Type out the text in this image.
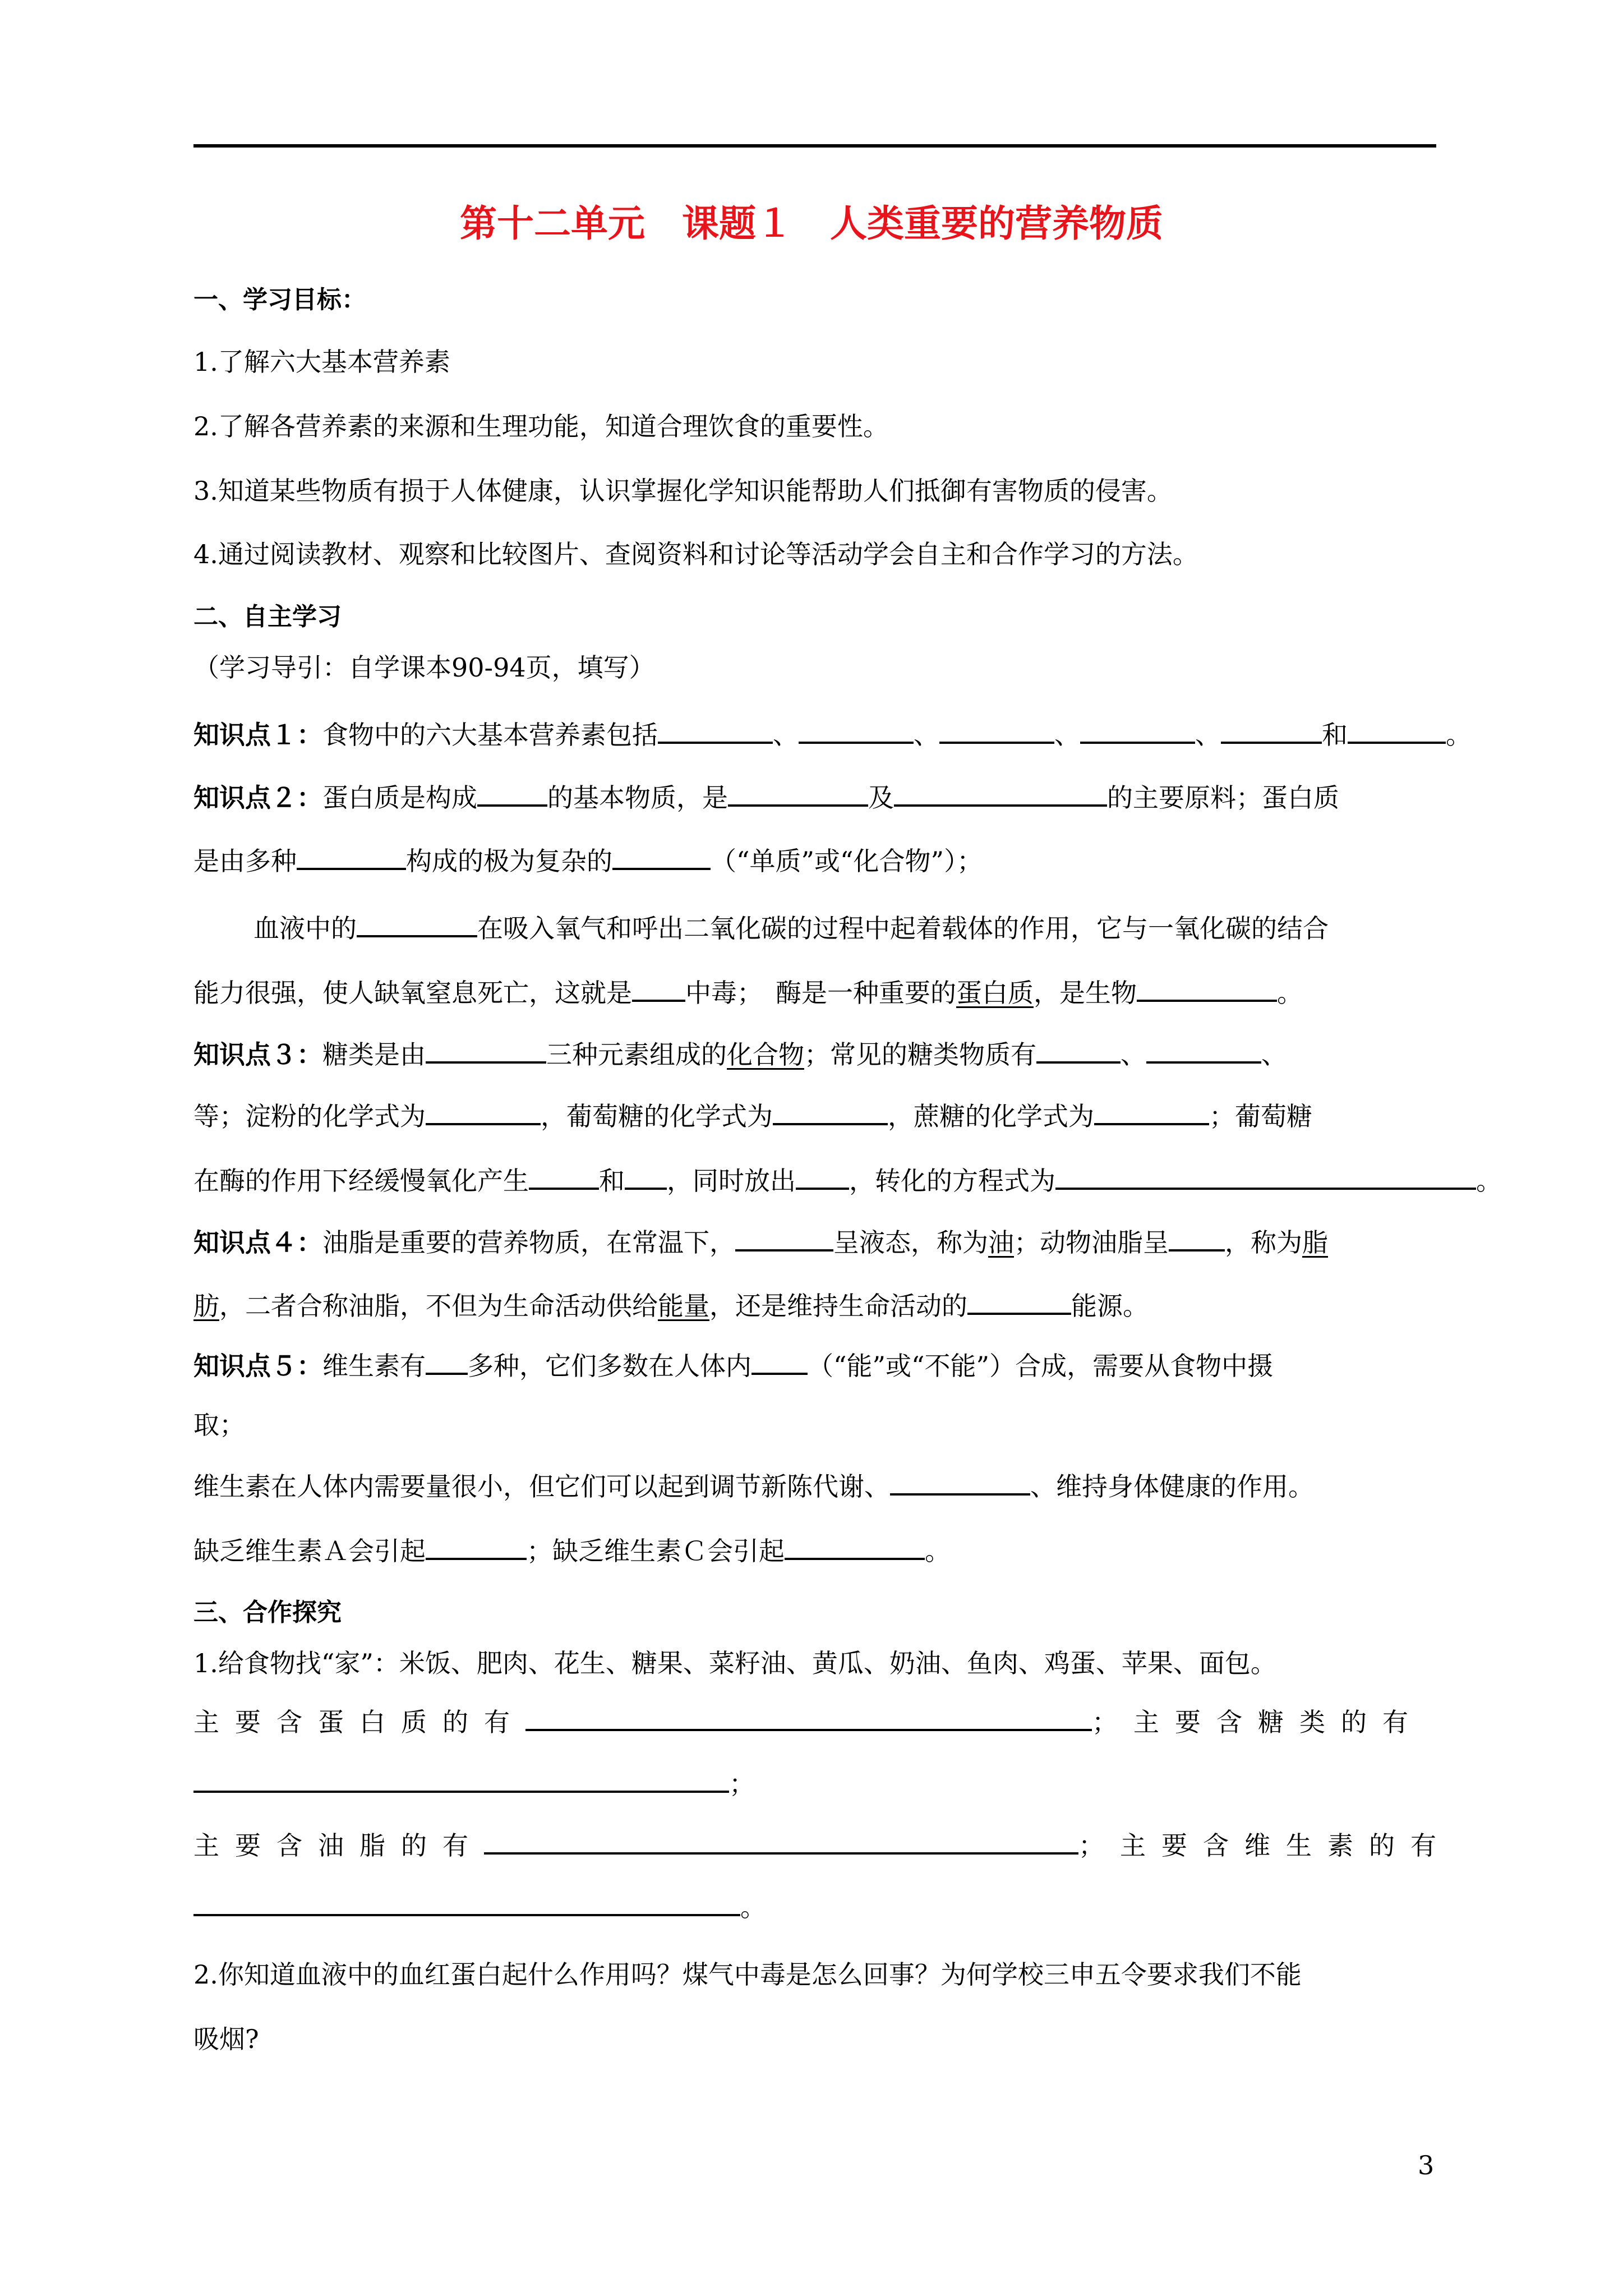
第十二单元　课题１　人类重要的营养物质
一、学习目标：
1.了解六大基本营养素
2.了解各营养素的来源和生理功能，知道合理饮食的重要性。
3.知道某些物质有损于人体健康，认识掌握化学知识能帮助人们抵御有害物质的侵害。
4.通过阅读教材、观察和比较图片、查阅资料和讨论等活动学会自主和合作学习的方法。
二、自主学习
（学习导引：自学课本90-94页，填写）
知识点１：食物中的六大基本营养素包括	、	、	、	、	和	。
知识点２：蛋白质是构成	的基本物质，是	及	的主要原料；蛋白质
是由多种	构成的极为复杂的	（“单质”或“化合物”）；
血液中的	在吸入氧气和呼出二氧化碳的过程中起着载体的作用，它与一氧化碳的结合
能力很强，使人缺氧窒息死亡，这就是 中毒；　酶是一种重要的蛋白质，是生物	。
知识点３：糖类是由	三种元素组成的化合物；常见的糖类物质有	、	、
等；淀粉的化学式为	，葡萄糖的化学式为	，蔗糖的化学式为	；葡萄糖
在酶的作用下经缓慢氧化产生	和 ，同时放出 ，转化的方程式为	。
知识点４：油脂是重要的营养物质，在常温下，	呈液态，称为油；动物油脂呈 ，称为脂
肪，二者合称油脂，不但为生命活动供给能量，还是维持生命活动的	能源。
知识点５：维生素有 多种，它们多数在人体内 （“能”或“不能”）合成，需要从食物中摄
取；
维生素在人体内需要量很小，但它们可以起到调节新陈代谢、	、维持身体健康的作用。
缺乏维生素Ａ会引起	；缺乏维生素Ｃ会引起	。
三、合作探究
1.给食物找“家”：米饭、肥肉、花生、糖果、菜籽油、黄瓜、奶油、鱼肉、鸡蛋、苹果、面包。
主要含蛋白质的有	；主要含糖类的有
；
主要含油脂的有	；主要含维生素的有
。
2.你知道血液中的血红蛋白起什么作用吗？煤气中毒是怎么回事？为何学校三申五令要求我们不能
吸烟?
3
